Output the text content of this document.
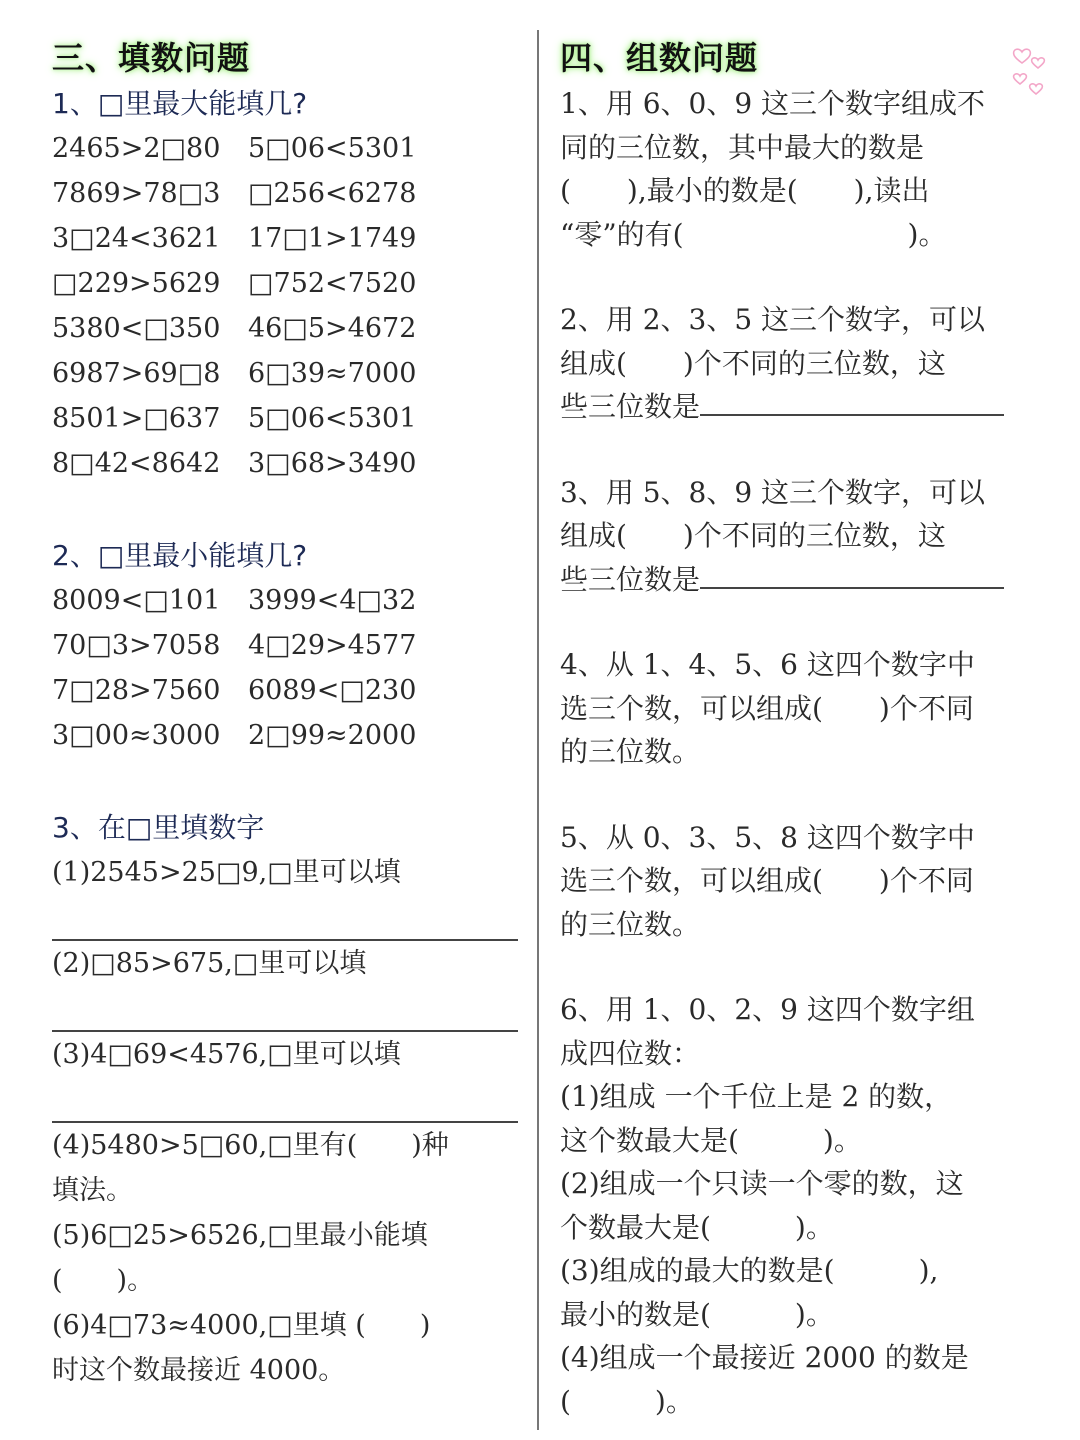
三、填数问题
1、□里最大能填几?
2465>2□80	5□06<5301
7869>78□3	□256<6278
3□24<3621	17□1>1749
□229>5629	□752<7520
5380<□350	46□5>4672
6987>69□8	6□39≈7000
8501>□637	5□06<5301
8□42<8642	3□68>3490
2、□里最小能填几?
8009<□101	3999<4□32
70□3>7058	4□29>4577
7□28>7560	6089<□230
3□00≈3000	2□99≈2000
3、在□里填数字
(1)2545>25□9,□里可以填
(2)□85>675,□里可以填
(3)4□69<4576,□里可以填
(4)5480>5□60,□里有(　　)种
填法。
(5)6□25>6526,□里最小能填
(　　)。
(6)4□73≈4000,□里填 (　　)
时这个数最接近 4000。
四、组数问题
1、用 6、0、9 这三个数字组成不
同的三位数，其中最大的数是
(　　),最小的数是(　　),读出
“零”的有(　　　　　　　　)。
2、用 2、3、5 这三个数字，可以
组成(　　)个不同的三位数，这
些三位数是
3、用 5、8、9 这三个数字，可以
组成(　　)个不同的三位数，这
些三位数是
4、从 1、4、5、6 这四个数字中
选三个数，可以组成(　　)个不同
的三位数。
5、从 0、3、5、8 这四个数字中
选三个数，可以组成(　　)个不同
的三位数。
6、用 1、0、2、9 这四个数字组
成四位数：
(1)组成 一个千位上是 2 的数，
这个数最大是(　　　)。
(2)组成一个只读一个零的数，这
个数最大是(　　　)。
(3)组成的最大的数是(　　　),
最小的数是(　　　)。
(4)组成一个最接近 2000 的数是
(　　　)。
